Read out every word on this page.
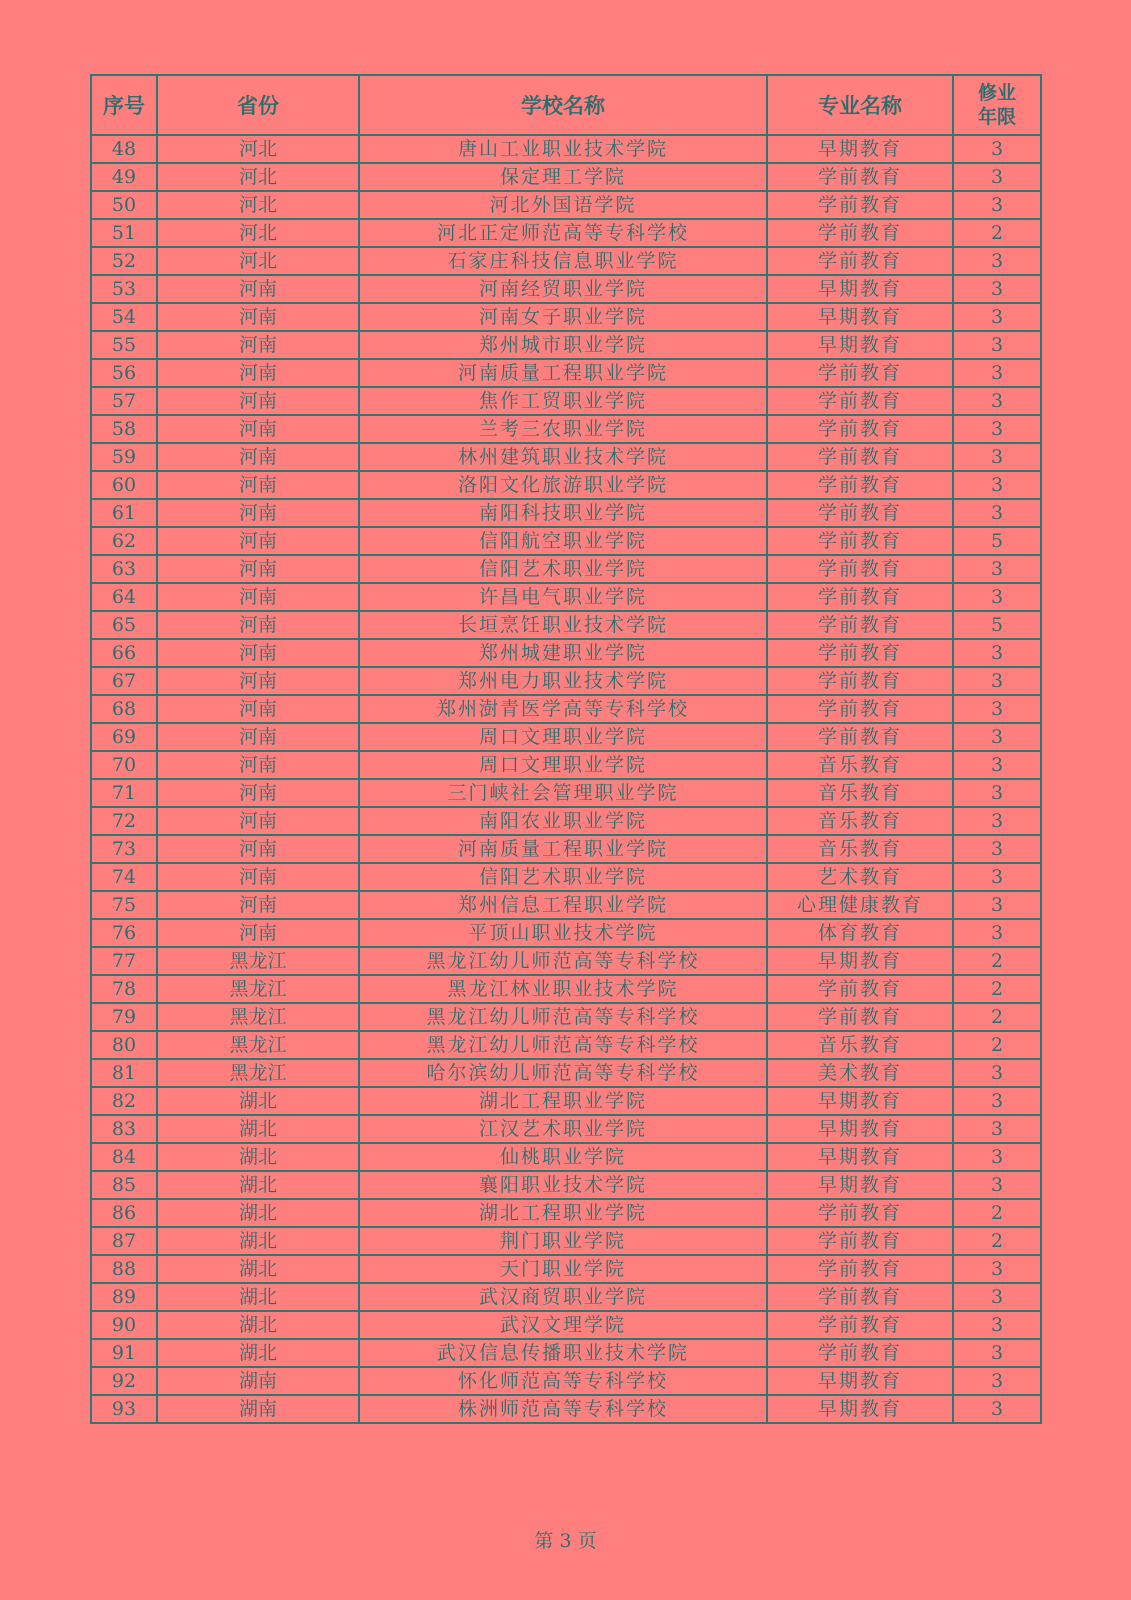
序号	省份	学校名称	专业名称	修业
年限

48	河北	唐山工业职业技术学院	早期教育	3
49	河北	保定理工学院	学前教育	3
50	河北	河北外国语学院	学前教育	3
51	河北	河北正定师范高等专科学校	学前教育	2
52	河北	石家庄科技信息职业学院	学前教育	3
53	河南	河南经贸职业学院	早期教育	3
54	河南	河南女子职业学院	早期教育	3
55	河南	郑州城市职业学院	早期教育	3
56	河南	河南质量工程职业学院	学前教育	3
57	河南	焦作工贸职业学院	学前教育	3
58	河南	兰考三农职业学院	学前教育	3
59	河南	林州建筑职业技术学院	学前教育	3
60	河南	洛阳文化旅游职业学院	学前教育	3
61	河南	南阳科技职业学院	学前教育	3
62	河南	信阳航空职业学院	学前教育	5
63	河南	信阳艺术职业学院	学前教育	3
64	河南	许昌电气职业学院	学前教育	3
65	河南	长垣烹饪职业技术学院	学前教育	5
66	河南	郑州城建职业学院	学前教育	3
67	河南	郑州电力职业技术学院	学前教育	3
68	河南	郑州澍青医学高等专科学校	学前教育	3
69	河南	周口文理职业学院	学前教育	3
70	河南	周口文理职业学院	音乐教育	3
71	河南	三门峡社会管理职业学院	音乐教育	3
72	河南	南阳农业职业学院	音乐教育	3
73	河南	河南质量工程职业学院	音乐教育	3
74	河南	信阳艺术职业学院	艺术教育	3
75	河南	郑州信息工程职业学院	心理健康教育	3
76	河南	平顶山职业技术学院	体育教育	3
77	黑龙江	黑龙江幼儿师范高等专科学校	早期教育	2
78	黑龙江	黑龙江林业职业技术学院	学前教育	2
79	黑龙江	黑龙江幼儿师范高等专科学校	学前教育	2
80	黑龙江	黑龙江幼儿师范高等专科学校	音乐教育	2
81	黑龙江	哈尔滨幼儿师范高等专科学校	美术教育	3
82	湖北	湖北工程职业学院	早期教育	3
83	湖北	江汉艺术职业学院	早期教育	3
84	湖北	仙桃职业学院	早期教育	3
85	湖北	襄阳职业技术学院	早期教育	3
86	湖北	湖北工程职业学院	学前教育	2
87	湖北	荆门职业学院	学前教育	2
88	湖北	天门职业学院	学前教育	3
89	湖北	武汉商贸职业学院	学前教育	3
90	湖北	武汉文理学院	学前教育	3
91	湖北	武汉信息传播职业技术学院	学前教育	3
92	湖南	怀化师范高等专科学校	早期教育	3
93	湖南	株洲师范高等专科学校	早期教育	3
第 3 页
